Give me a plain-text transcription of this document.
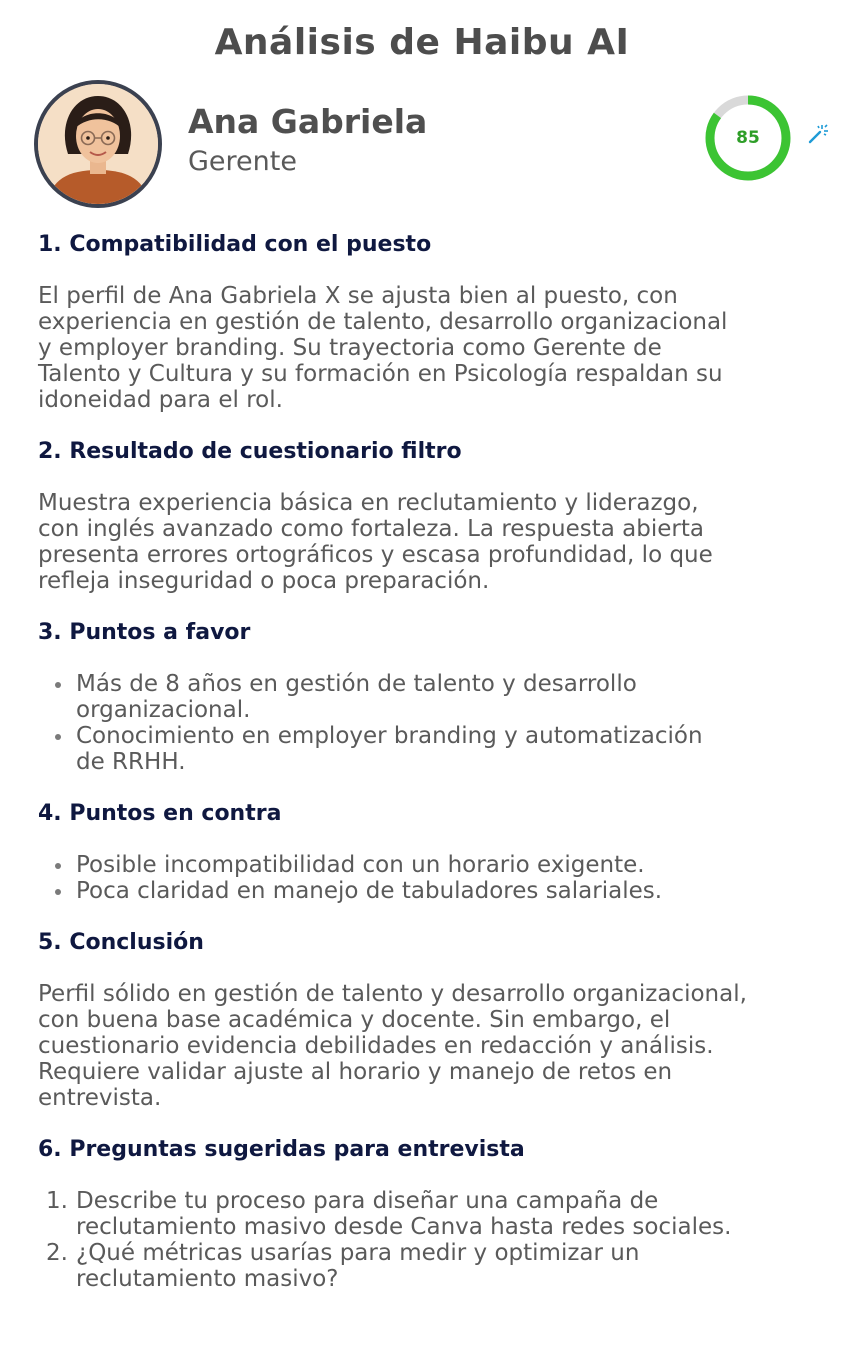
Análisis de Haibu AI
Ana Gabriela
Gerente
85
1. Compatibilidad con el puesto

El perfil de Ana Gabriela X se ajusta bien al puesto, con
experiencia en gestión de talento, desarrollo organizacional
y employer branding. Su trayectoria como Gerente de
Talento y Cultura y su formación en Psicología respaldan su
idoneidad para el rol.

2. Resultado de cuestionario filtro

Muestra experiencia básica en reclutamiento y liderazgo,
con inglés avanzado como fortaleza. La respuesta abierta
presenta errores ortográficos y escasa profundidad, lo que
refleja inseguridad o poca preparación.

3. Puntos a favor
Más de 8 años en gestión de talento y desarrollo
organizacional.
Conocimiento en employer branding y automatización
de RRHH.
4. Puntos en contra
Posible incompatibilidad con un horario exigente.
Poca claridad en manejo de tabuladores salariales.
5. Conclusión

Perfil sólido en gestión de talento y desarrollo organizacional,
con buena base académica y docente. Sin embargo, el
cuestionario evidencia debilidades en redacción y análisis.
Requiere validar ajuste al horario y manejo de retos en
entrevista.

6. Preguntas sugeridas para entrevista
1. Describe tu proceso para diseñar una campaña de
reclutamiento masivo desde Canva hasta redes sociales.
2. ¿Qué métricas usarías para medir y optimizar un
reclutamiento masivo?
